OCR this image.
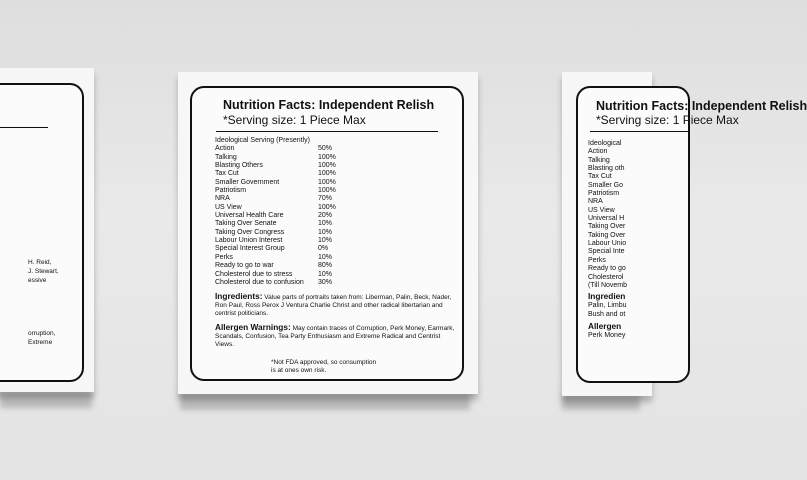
H. Reid,
J. Stewart,
essive
orruption,
Extreme
Nutrition Facts: Independent Relish
*Serving size: 1 Piece Max
Ideological Serving (Presently)
Action	50%
Talking	100%
Blasting Others	100%
Tax Cut	100%
Smaller Government	100%
Patriotism	100%
NRA	70%
US View	100%
Universal Health Care	20%
Taking Over Senate	10%
Taking Over Congress	10%
Labour Union Interest	10%
Special Interest Group	0%
Perks	10%
Ready to go to war	80%
Cholesterol due to stress	10%
Cholesterol due to confusion	30%
Ingredients: Value parts of portraits taken from: Liberman, Palin, Beck, Nader, Ron Paul, Ross Perox J Ventura Charlie Christ and other radical libertarian and centrist politicians.
Allergen Warnings: May contain traces of Corruption, Perk Money, Earmark, Scandals, Confusion, Tea Party Enthusiasm and Extreme Radical and Centrist Views.
*Not FDA approved, so consumption
is at ones own risk.
Nutrition Facts: Independent Relish
*Serving size: 1 Piece Max
Ideological
Action
Talking
Blasting oth
Tax Cut
Smaller Go
Patriotism
NRA
US View
Universal H
Taking Over
Taking Over
Labour Unio
Special Inte
Perks
Ready to go
Cholesterol
(Till Novemb
Ingredien
Palin, Limbu
Bush and ot
Allergen
Perk Money
